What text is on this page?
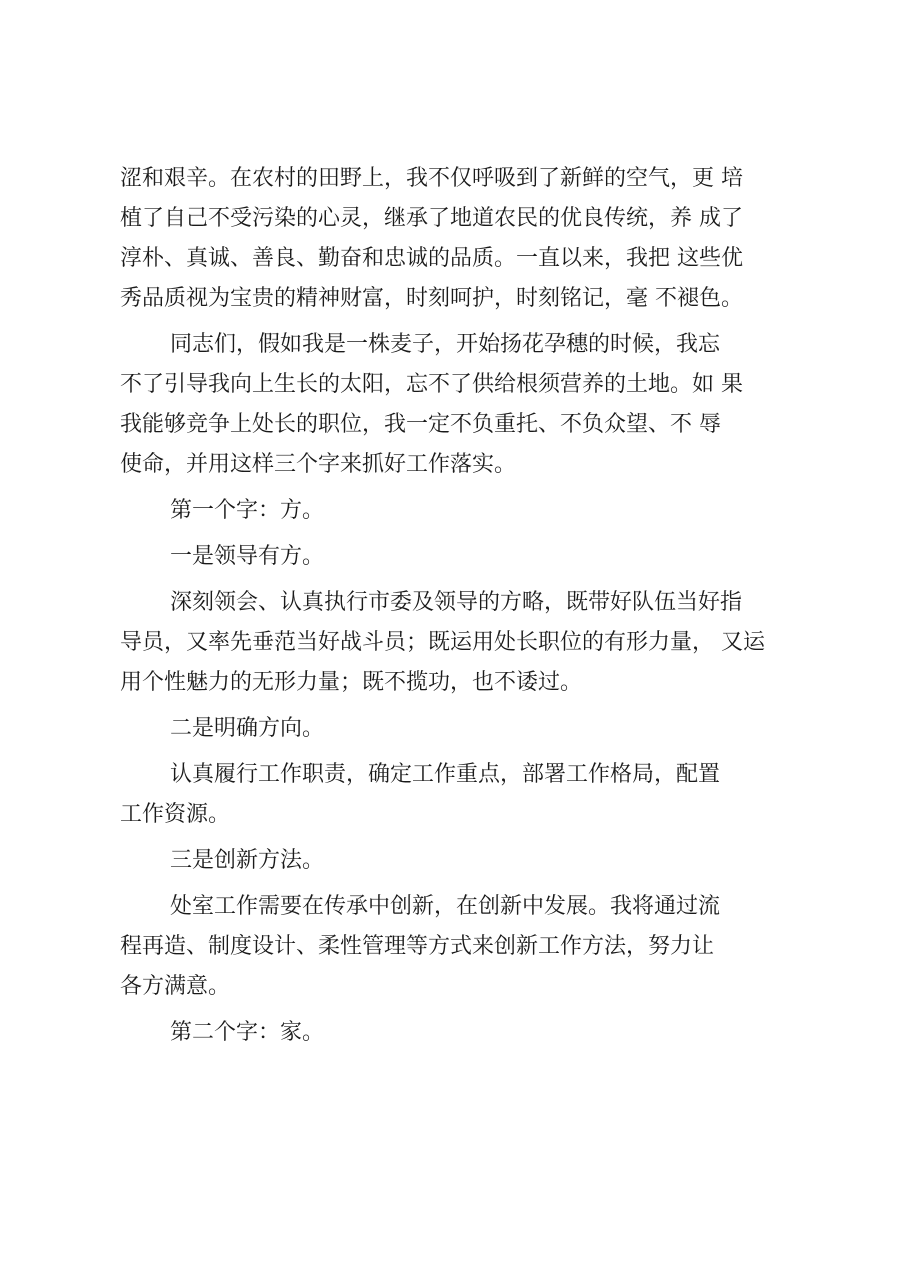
涩和艰辛。在农村的田野上，我不仅呼吸到了新鲜的空气，更 培
植了自己不受污染的心灵，继承了地道农民的优良传统，养 成了
淳朴、真诚、善良、勤奋和忠诚的品质。一直以来，我把 这些优
秀品质视为宝贵的精神财富，时刻呵护，时刻铭记，毫 不褪色。
同志们，假如我是一株麦子，开始扬花孕穗的时候，我忘
不了引导我向上生长的太阳，忘不了供给根须营养的土地。如 果
我能够竞争上处长的职位，我一定不负重托、不负众望、不 辱
使命，并用这样三个字来抓好工作落实。
第一个字：方。
一是领导有方。
深刻领会、认真执行市委及领导的方略，既带好队伍当好指
导员，又率先垂范当好战斗员；既运用处长职位的有形力量， 又运
用个性魅力的无形力量；既不揽功，也不诿过。
二是明确方向。
认真履行工作职责，确定工作重点，部署工作格局，配置
工作资源。
三是创新方法。
处室工作需要在传承中创新，在创新中发展。我将通过流
程再造、制度设计、柔性管理等方式来创新工作方法，努力让
各方满意。
第二个字：家。
